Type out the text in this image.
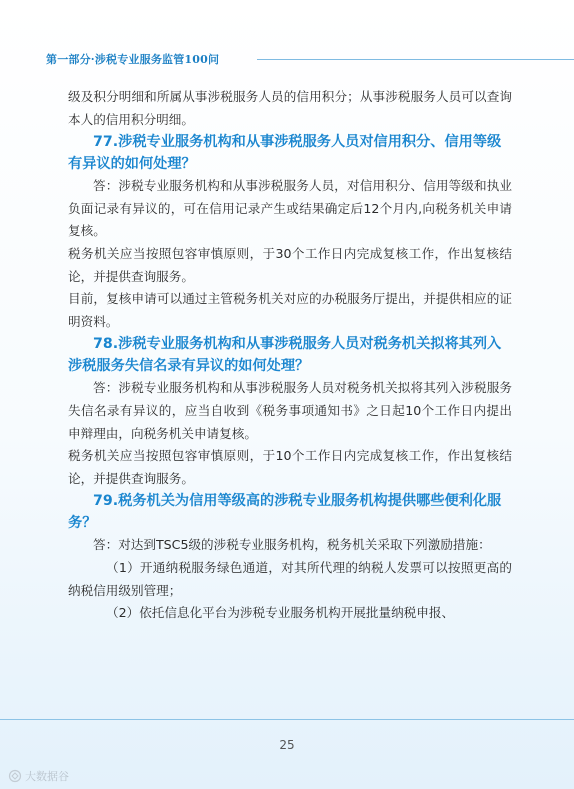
第一部分·涉税专业服务监管100问

级及积分明细和所属从事涉税服务人员的信用积分；从事涉税服务人员可以查询本人的信用积分明细。

77.涉税专业服务机构和从事涉税服务人员对信用积分、信用等级有异议的如何处理？

答：涉税专业服务机构和从事涉税服务人员，对信用积分、信用等级和执业负面记录有异议的，可在信用记录产生或结果确定后12个月内,向税务机关申请复核。

税务机关应当按照包容审慎原则，于30个工作日内完成复核工作，作出复核结论，并提供查询服务。

目前，复核申请可以通过主管税务机关对应的办税服务厅提出，并提供相应的证明资料。

78.涉税专业服务机构和从事涉税服务人员对税务机关拟将其列入涉税服务失信名录有异议的如何处理？

答：涉税专业服务机构和从事涉税服务人员对税务机关拟将其列入涉税服务失信名录有异议的，应当自收到《税务事项通知书》之日起10个工作日内提出申辩理由，向税务机关申请复核。

税务机关应当按照包容审慎原则，于10个工作日内完成复核工作，作出复核结论，并提供查询服务。

79.税务机关为信用等级高的涉税专业服务机构提供哪些便利化服务？

答：对达到TSC5级的涉税专业服务机构，税务机关采取下列激励措施：

（1）开通纳税服务绿色通道，对其所代理的纳税人发票可以按照更高的纳税信用级别管理；

（2）依托信息化平台为涉税专业服务机构开展批量纳税申报、

25
大数据谷
